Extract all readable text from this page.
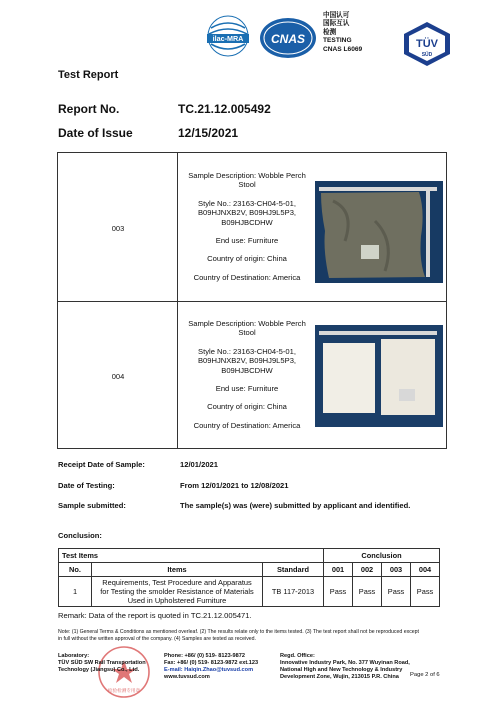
ilac-MRA CNAS
中国认可
国际互认
检测
TESTING
CNAS L6069	TÜV
SÜD
Test Report
Report No.	TC.21.12.005492
Date of Issue	12/15/2021
003

Sample Description: Wobble Perch Stool

Style No.: 23163-CH04-5-01, B09HJNXB2V, B09HJ9L5P3, B09HJBCDHW

End use: Furniture

Country of origin: China

Country of Destination: America

004

Sample Description: Wobble Perch Stool

Style No.: 23163-CH04-5-01, B09HJNXB2V, B09HJ9L5P3, B09HJBCDHW

End use: Furniture

Country of origin: China

Country of Destination: America

Receipt Date of Sample:	12/01/2021
Date of Testing:	From 12/01/2021 to 12/08/2021
Sample submitted:	The sample(s) was (were) submitted by applicant and identified.
Conclusion:
Test Items			Conclusion			
No.	Items	Standard	001	002	003	004
1	Requirements, Test Procedure and Apparatus
for Testing the smolder Resistance of Materials
Used in Upholstered Furniture	TB 117-2013	Pass	Pass	Pass	Pass
Remark: Data of the report is quoted in TC.21.12.005471.
Note: (1) General Terms & Conditions as mentioned overleaf. (2) The results relate only to the items tested. (3) The test report shall not be reproduced except
in full without the written approval of the company. (4) Samples are tested as received.
检验检测专用章
Laboratory:
TÜV SÜD SW Rail Transportation
Technology (Jiangsu) Co., Ltd.
Phone: +86/ (0) 519- 8123-9872
Fax: +86/ (0) 519- 8123-9872 ext.123
E-mail: Haiqin.Zhao@tuvsud.com
www.tuvsud.com
Regd. Office:
Innovative Industry Park, No. 377 Wuyinan Road,
National High and New Technology & Industry
Development Zone, Wujin, 213015 P.R. China	Page 2 of 6
